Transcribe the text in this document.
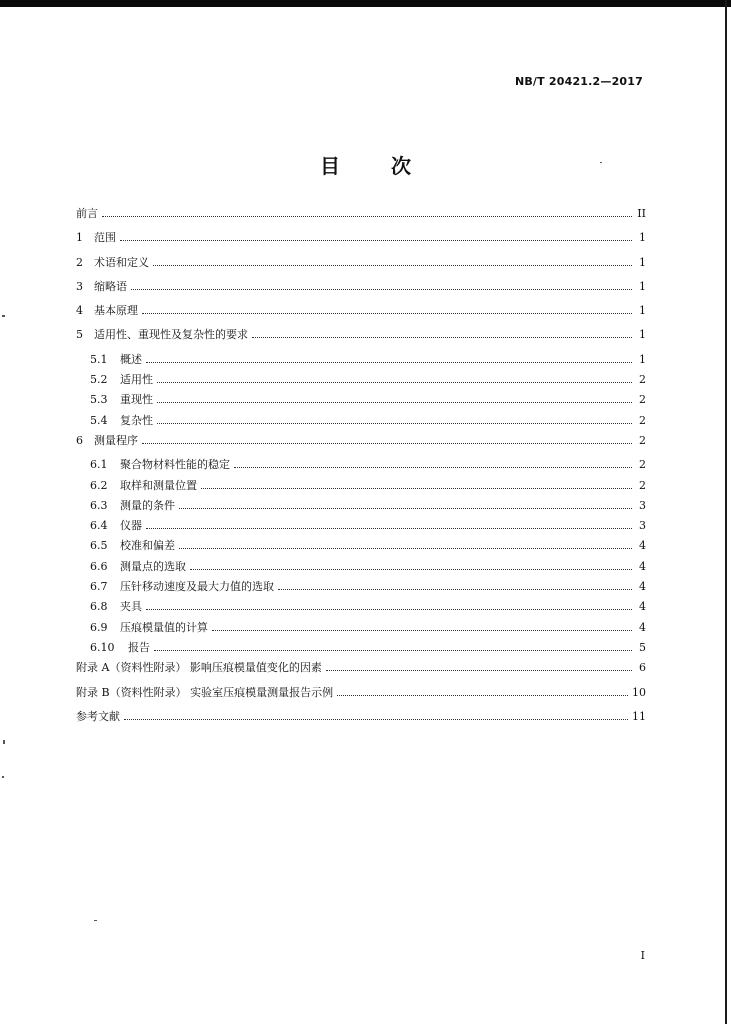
NB/T 20421.2—2017
目 次
前言	II
1 范围	1
2 术语和定义	1
3 缩略语	1
4 基本原理	1
5 适用性、重现性及复杂性的要求	1
5.1 概述	1
5.2 适用性	2
5.3 重现性	2
5.4 复杂性	2
6 测量程序	2
6.1 聚合物材料性能的稳定	2
6.2 取样和测量位置	2
6.3 测量的条件	3
6.4 仪器	3
6.5 校准和偏差	4
6.6 测量点的选取	4
6.7 压针移动速度及最大力值的选取	4
6.8 夹具	4
6.9 压痕模量值的计算	4
6.10 报告	5
附录 A（资料性附录） 影响压痕模量值变化的因素	6
附录 B（资料性附录） 实验室压痕模量测量报告示例	10
参考文献	11
I
